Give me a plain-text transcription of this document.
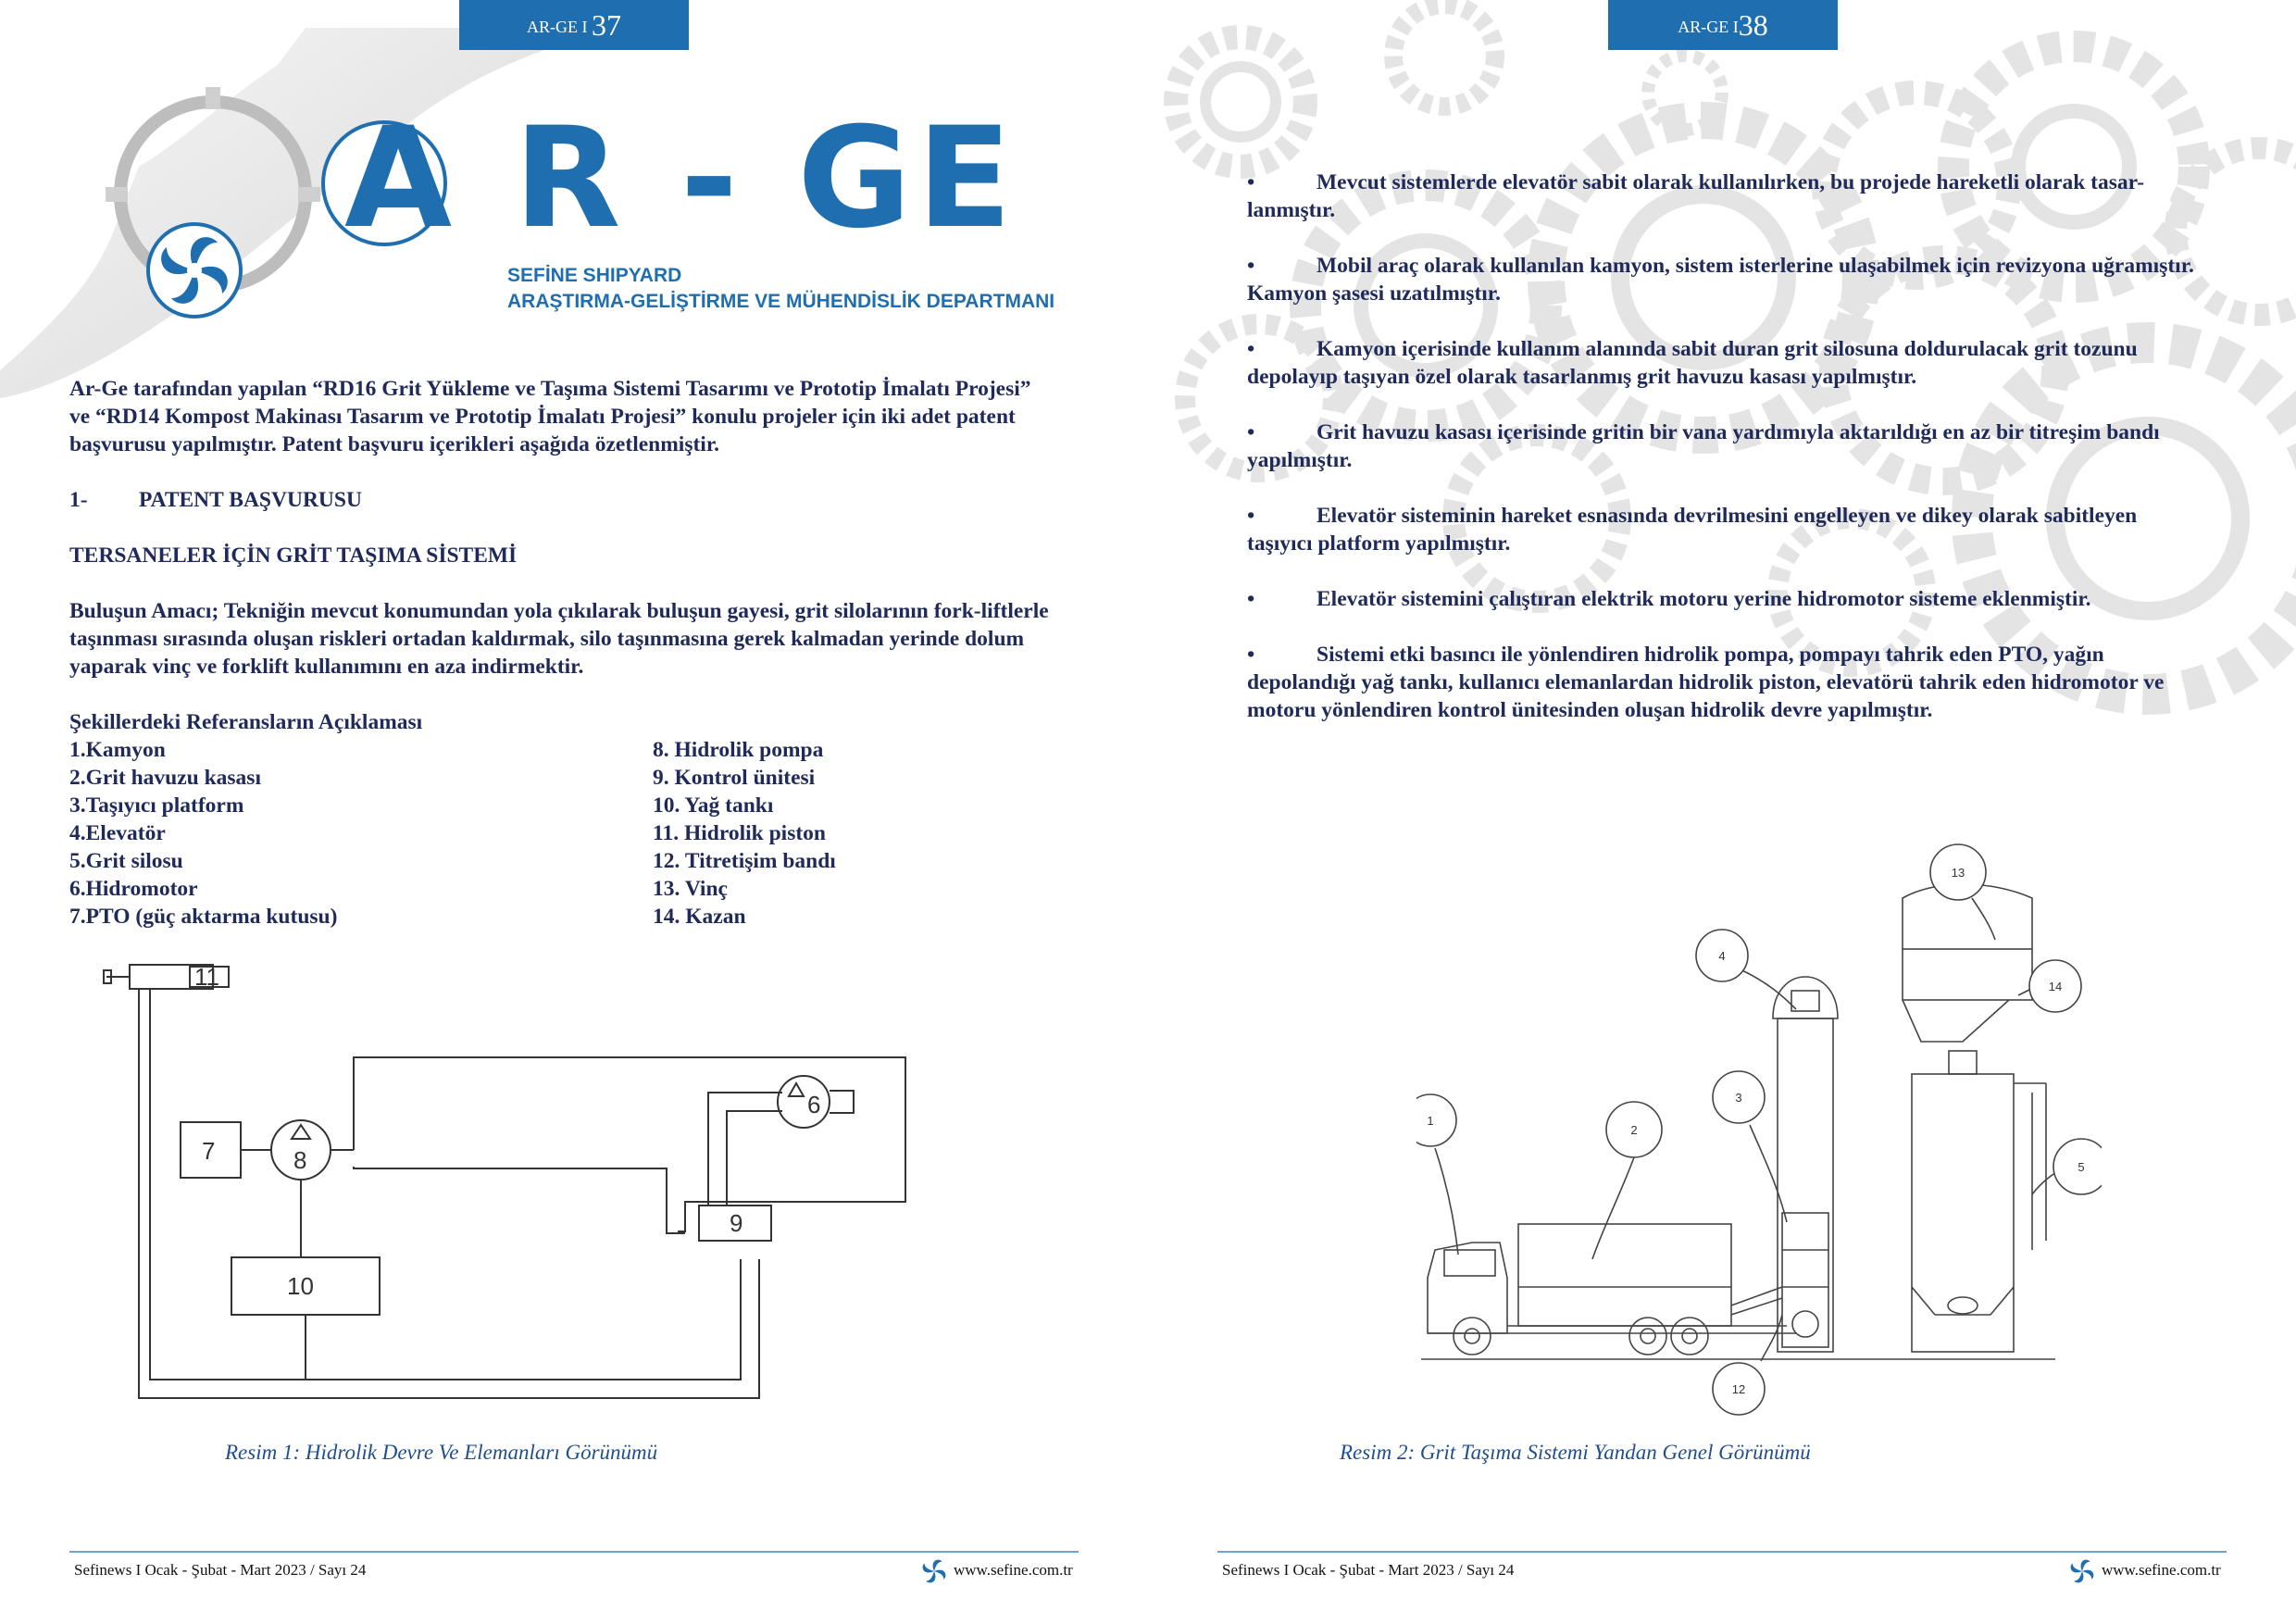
AR-GE I 37
A R - GE
SEFİNE SHIPYARD
ARAŞTIRMA-GELİŞTİRME VE MÜHENDİSLİK DEPARTMANI

Ar-Ge tarafından yapılan “RD16 Grit Yükleme ve Taşıma Sistemi Tasarımı ve Prototip İmalatı Projesi” ve “RD14 Kompost Makinası Tasarım ve Prototip İmalatı Projesi” konulu projeler için iki adet patent başvurusu yapılmıştır. Patent başvuru içerikleri aşağıda özetlenmiştir.

1- PATENT BAŞVURUSU

TERSANELER İÇİN GRİT TAŞIMA SİSTEMİ

Buluşun Amacı; Tekniğin mevcut konumundan yola çıkılarak buluşun gayesi, grit silolarının fork-liftlerle taşınması sırasında oluşan riskleri ortadan kaldırmak, silo taşınmasına gerek kalmadan yerinde dolum yaparak vinç ve forklift kullanımını en aza indirmektir.

Şekillerdeki Referansların Açıklaması
1.Kamyon
2.Grit havuzu kasası
3.Taşıyıcı platform
4.Elevatör
5.Grit silosu
6.Hidromotor
7.PTO (güç aktarma kutusu)
8. Hidrolik pompa
9. Kontrol ünitesi
10. Yağ tankı
11. Hidrolik piston
12. Titretişim bandı
13. Vinç
14. Kazan
11
7	8
10
9
6
Resim 1: Hidrolik Devre Ve Elemanları Görünümü
Sefinews I Ocak - Şubat - Mart 2023 / Sayı 24	www.sefine.com.tr
AR-GE I38
•	Mevcut sistemlerde elevatör sabit olarak kullanılırken, bu projede hareketli olarak tasar-lanmıştır.
•	Mobil araç olarak kullanılan kamyon, sistem isterlerine ulaşabilmek için revizyona uğramıştır. Kamyon şasesi uzatılmıştır.
•	Kamyon içerisinde kullanım alanında sabit duran grit silosuna doldurulacak grit tozunu depolayıp taşıyan özel olarak tasarlanmış grit havuzu kasası yapılmıştır.
•	Grit havuzu kasası içerisinde gritin bir vana yardımıyla aktarıldığı en az bir titreşim bandı yapılmıştır.
•	Elevatör sisteminin hareket esnasında devrilmesini engelleyen ve dikey olarak sabitleyen taşıyıcı platform yapılmıştır.
•	Elevatör sistemini çalıştıran elektrik motoru yerine hidromotor sisteme eklenmiştir.
•	Sistemi etki basıncı ile yönlendiren hidrolik pompa, pompayı tahrik eden PTO, yağın depolandığı yağ tankı, kullanıcı elemanlardan hidrolik piston, elevatörü tahrik eden hidromotor ve motoru yönlendiren kontrol ünitesinden oluşan hidrolik devre yapılmıştır.
1
2
3
4
5
12
13
14
Resim 2: Grit Taşıma Sistemi Yandan Genel Görünümü
Sefinews I Ocak - Şubat - Mart 2023 / Sayı 24	www.sefine.com.tr
